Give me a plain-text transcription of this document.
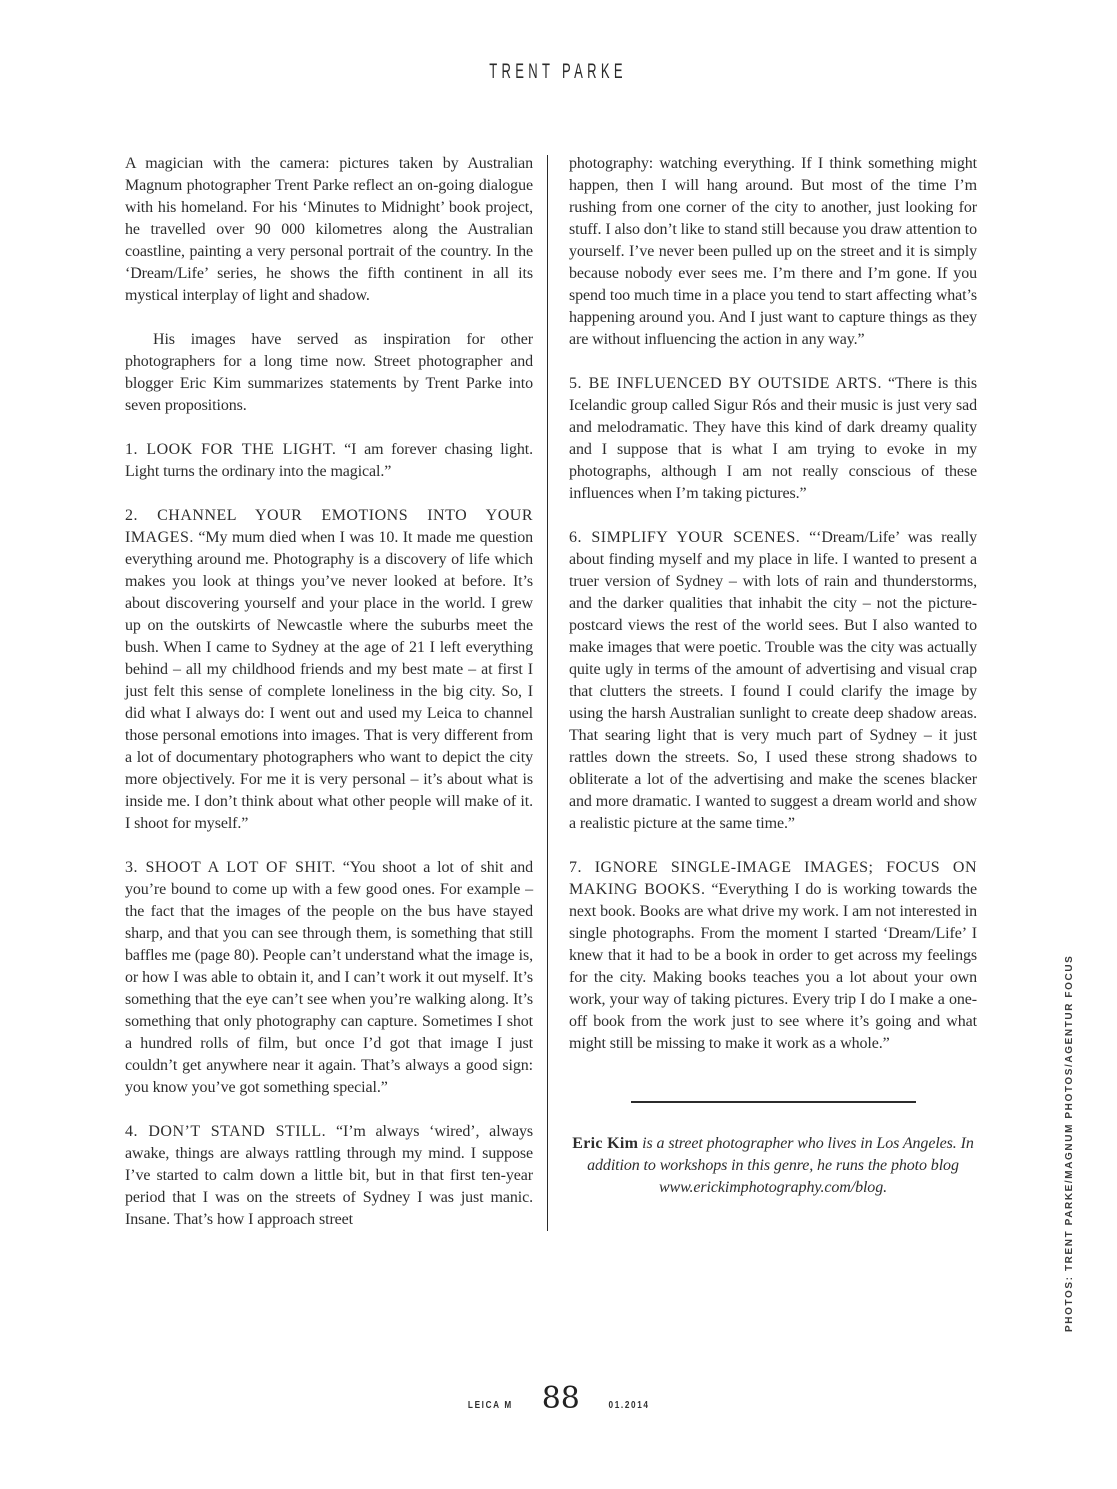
TRENT PARKE

A magician with the camera: pictures taken by Australian Magnum photographer Trent Parke reflect an on-going dialogue with his homeland. For his ‘Minutes to Midnight’ book project, he travelled over 90 000 kilometres along the Australian coastline, painting a very personal portrait of the country. In the ‘Dream/Life’ series, he shows the fifth continent in all its mystical interplay of light and shadow.

His images have served as inspiration for other photographers for a long time now. Street photographer and blogger Eric Kim summarizes statements by Trent Parke into seven propositions.

1. LOOK FOR THE LIGHT. “I am forever chasing light. Light turns the ordinary into the magical.”

2. CHANNEL YOUR EMOTIONS INTO YOUR IMAGES. “My mum died when I was 10. It made me question everything around me. Photography is a discovery of life which makes you look at things you’ve never looked at before. It’s about discovering yourself and your place in the world. I grew up on the outskirts of Newcastle where the suburbs meet the bush. When I came to Sydney at the age of 21 I left everything behind – all my childhood friends and my best mate – at first I just felt this sense of complete loneliness in the big city. So, I did what I always do: I went out and used my Leica to channel those personal emotions into images. That is very different from a lot of documentary photographers who want to depict the city more objectively. For me it is very personal – it’s about what is inside me. I don’t think about what other people will make of it. I shoot for myself.”

3. SHOOT A LOT OF SHIT. “You shoot a lot of shit and you’re bound to come up with a few good ones. For example – the fact that the images of the people on the bus have stayed sharp, and that you can see through them, is something that still baffles me (page 80). People can’t understand what the image is, or how I was able to obtain it, and I can’t work it out myself. It’s something that the eye can’t see when you’re walking along. It’s something that only photography can capture. Sometimes I shot a hundred rolls of film, but once I’d got that image I just couldn’t get anywhere near it again. That’s always a good sign: you know you’ve got something special.”

4. DON’T STAND STILL. “I’m always ‘wired’, always awake, things are always rattling through my mind. I suppose I’ve started to calm down a little bit, but in that first ten-year period that I was on the streets of Sydney I was just manic. Insane. That’s how I approach street

photography: watching everything. If I think something might happen, then I will hang around. But most of the time I’m rushing from one corner of the city to another, just looking for stuff. I also don’t like to stand still because you draw attention to yourself. I’ve never been pulled up on the street and it is simply because nobody ever sees me. I’m there and I’m gone. If you spend too much time in a place you tend to start affecting what’s happening around you. And I just want to capture things as they are without influencing the action in any way.”

5. BE INFLUENCED BY OUTSIDE ARTS. “There is this Icelandic group called Sigur Rós and their music is just very sad and melodramatic. They have this kind of dark dreamy quality and I suppose that is what I am trying to evoke in my photographs, although I am not really conscious of these influences when I’m taking pictures.”

6. SIMPLIFY YOUR SCENES. “‘Dream/Life’ was really about finding myself and my place in life. I wanted to present a truer version of Sydney – with lots of rain and thunderstorms, and the darker qualities that inhabit the city – not the picture-postcard views the rest of the world sees. But I also wanted to make images that were poetic. Trouble was the city was actually quite ugly in terms of the amount of advertising and visual crap that clutters the streets. I found I could clarify the image by using the harsh Australian sunlight to create deep shadow areas. That searing light that is very much part of Sydney – it just rattles down the streets. So, I used these strong shadows to obliterate a lot of the advertising and make the scenes blacker and more dramatic. I wanted to suggest a dream world and show a realistic picture at the same time.”

7. IGNORE SINGLE-IMAGE IMAGES; FOCUS ON MAKING BOOKS. “Everything I do is working towards the next book. Books are what drive my work. I am not interested in single photographs. From the moment I started ‘Dream/Life’ I knew that it had to be a book in order to get across my feelings for the city. Making books teaches you a lot about your own work, your way of taking pictures. Every trip I do I make a one-off book from the work just to see where it’s going and what might still be missing to make it work as a whole.”

Eric Kim is a street photographer who lives in Los Angeles. In addition to workshops in this genre, he runs the photo blog www.erickimphotography.com/blog.

LEICA M 88	01.2014
PHOTOS: TRENT PARKE/MAGNUM PHOTOS/AGENTUR FOCUS
